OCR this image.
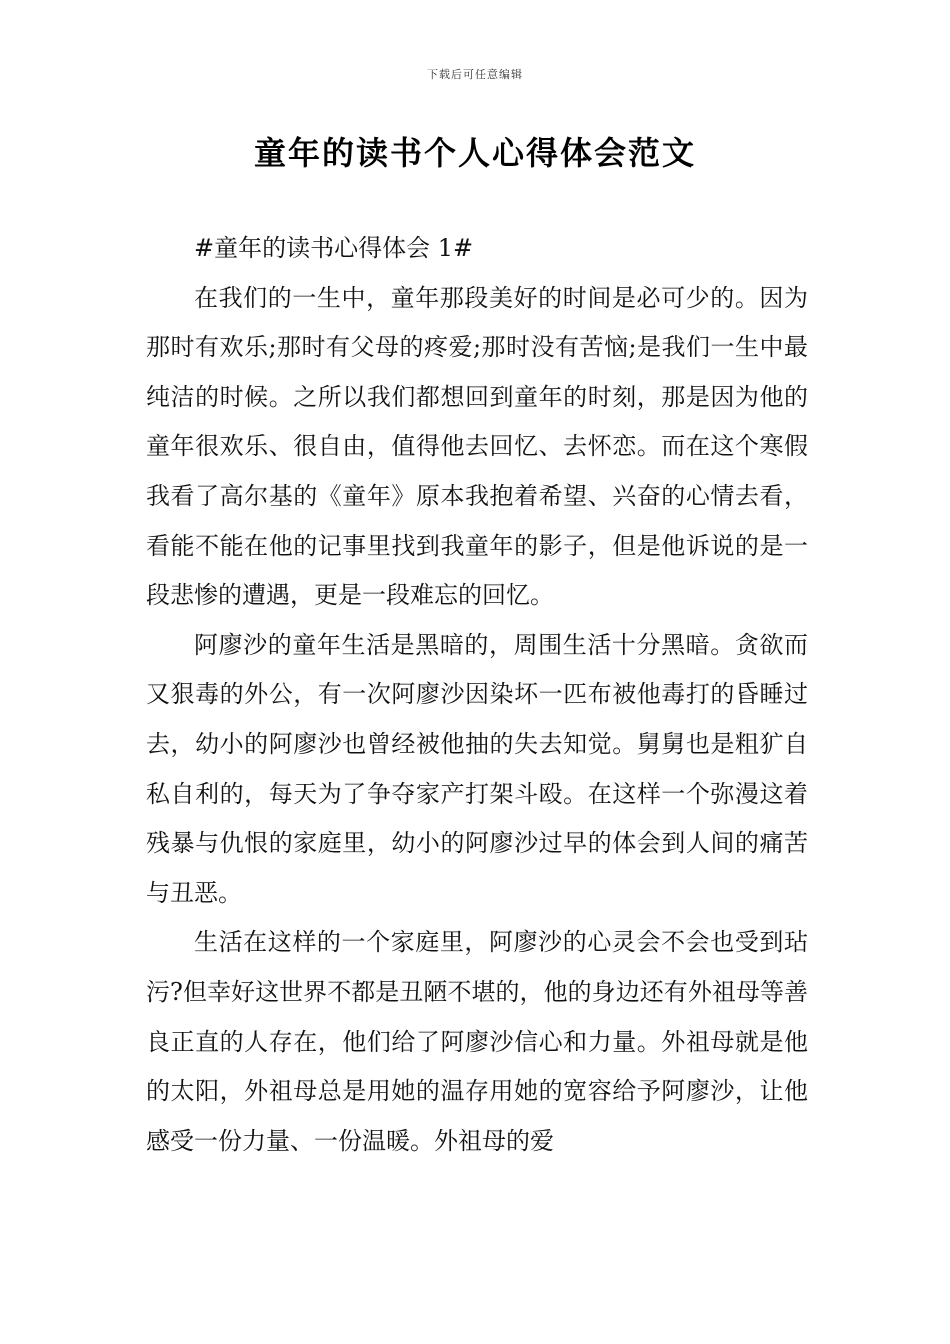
下载后可任意编辑
童年的读书个人心得体会范文

#童年的读书心得体会 1#

在我们的一生中，童年那段美好的时间是必可少的。因为那时有欢乐;那时有父母的疼爱;那时没有苦恼;是我们一生中最纯洁的时候。之所以我们都想回到童年的时刻，那是因为他的童年很欢乐、很自由，值得他去回忆、去怀恋。而在这个寒假我看了高尔基的《童年》原本我抱着希望、兴奋的心情去看，看能不能在他的记事里找到我童年的影子，但是他诉说的是一段悲惨的遭遇，更是一段难忘的回忆。

阿廖沙的童年生活是黑暗的，周围生活十分黑暗。贪欲而又狠毒的外公，有一次阿廖沙因染坏一匹布被他毒打的昏睡过去，幼小的阿廖沙也曾经被他抽的失去知觉。舅舅也是粗犷自私自利的，每天为了争夺家产打架斗殴。在这样一个弥漫这着残暴与仇恨的家庭里，幼小的阿廖沙过早的体会到人间的痛苦与丑恶。

生活在这样的一个家庭里，阿廖沙的心灵会不会也受到玷污?但幸好这世界不都是丑陋不堪的，他的身边还有外祖母等善良正直的人存在，他们给了阿廖沙信心和力量。外祖母就是他的太阳，外祖母总是用她的温存用她的宽容给予阿廖沙，让他感受一份力量、一份温暖。外祖母的爱
